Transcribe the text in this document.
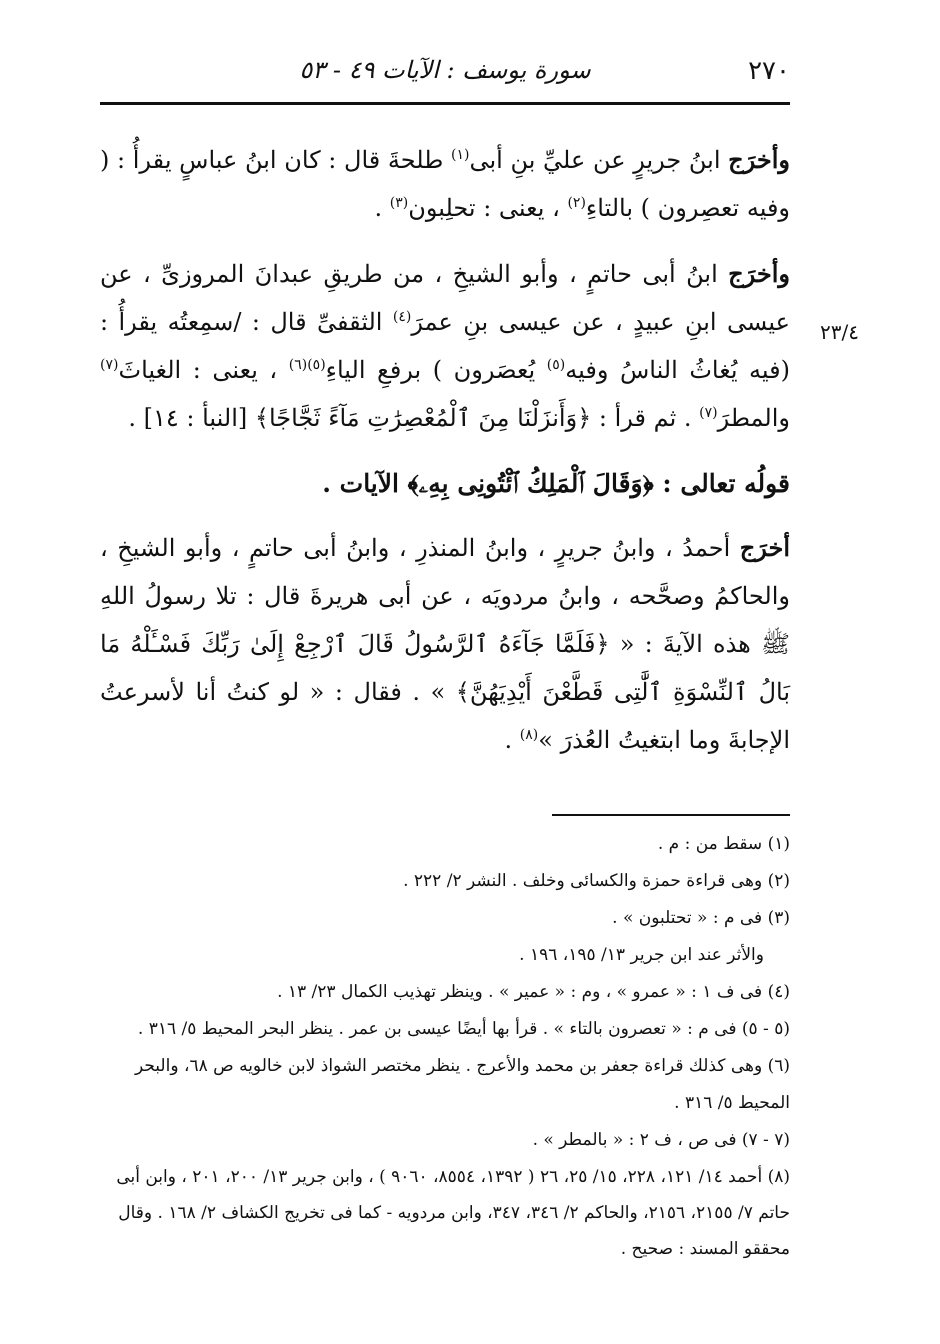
٢٧٠
سورة يوسف : الآيات ٤٩ - ٥٣
٢٣/٤

وأخرَج ابنُ جريرٍ عن عليِّ بنِ أبى$^{(١)}$ طلحةَ قال : كان ابنُ عباسٍ يقرأُ : ( وفيه تعصِرون ) بالتاءِ$^{(٢)}$ ، يعنى : تحلِبون$^{(٣)}$ .

وأخرَج ابنُ أبى حاتمٍ ، وأبو الشيخِ ، من طريقِ عبدانَ المروزىِّ ، عن عيسى ابنِ عبيدٍ ، عن عيسى بنِ عمرَ$^{(٤)}$ الثقفىِّ قال : /سمِعتُه يقرأُ : (فيه يُغاثُ الناسُ وفيه$^{(٥)}$ يُعصَرون ) برفعِ الياءِ$^{(٥)(٦)}$ ، يعنى : الغياثَ$^{(٧)}$ والمطرَ$^{(٧)}$ . ثم قرأ : ﴿وَأَنزَلْنَا مِنَ ٱلْمُعْصِرَٰتِ مَآءً ثَجَّاجًا﴾ [النبأ : ١٤] .

قولُه تعالى : ﴿وَقَالَ ٱلْمَلِكُ ٱئْتُونِى بِهِۦ﴾ الآيات .

أخرَج أحمدُ ، وابنُ جريرٍ ، وابنُ المنذرِ ، وابنُ أبى حاتمٍ ، وأبو الشيخِ ، والحاكمُ وصحَّحه ، وابنُ مردويَه ، عن أبى هريرةَ قال : تلا رسولُ اللهِ ﷺ هذه الآيةَ : « ﴿فَلَمَّا جَآءَهُ ٱلرَّسُولُ قَالَ ٱرْجِعْ إِلَىٰ رَبِّكَ فَسْـَٔلْهُ مَا بَالُ ٱلنِّسْوَةِ ٱلَّٰتِى قَطَّعْنَ أَيْدِيَهُنَّ﴾ » . فقال : « لو كنتُ أنا لأسرعتُ الإجابةَ وما ابتغيتُ العُذرَ »$^{(٨)}$ .

(١) سقط من : م .

(٢) وهى قراءة حمزة والكسائى وخلف . النشر ٢/ ٢٢٢ .

(٣) فى م : « تحتلبون » .

والأثر عند ابن جرير ١٣/ ١٩٥، ١٩٦ .

(٤) فى ف ١ : « عمرو » ، وم : « عمير » . وينظر تهذيب الكمال ٢٣/ ١٣ .

(٥ - ٥) فى م : « تعصرون بالتاء » . قرأ بها أيضًا عيسى بن عمر . ينظر البحر المحيط ٥/ ٣١٦ .

(٦) وهى كذلك قراءة جعفر بن محمد والأعرج . ينظر مختصر الشواذ لابن خالويه ص ٦٨، والبحر المحيط ٥/ ٣١٦ .

(٧ - ٧) فى ص ، ف ٢ : « بالمطر » .

(٨) أحمد ١٤/ ١٢١، ٢٢٨، ١٥/ ٢٥، ٢٦ ( ١٣٩٢، ٨٥٥٤، ٩٠٦٠ ) ، وابن جرير ١٣/ ٢٠٠، ٢٠١ ، وابن أبى حاتم ٧/ ٢١٥٥، ٢١٥٦، والحاكم ٢/ ٣٤٦، ٣٤٧، وابن مردويه - كما فى تخريج الكشاف ٢/ ١٦٨ . وقال محققو المسند : صحيح .
